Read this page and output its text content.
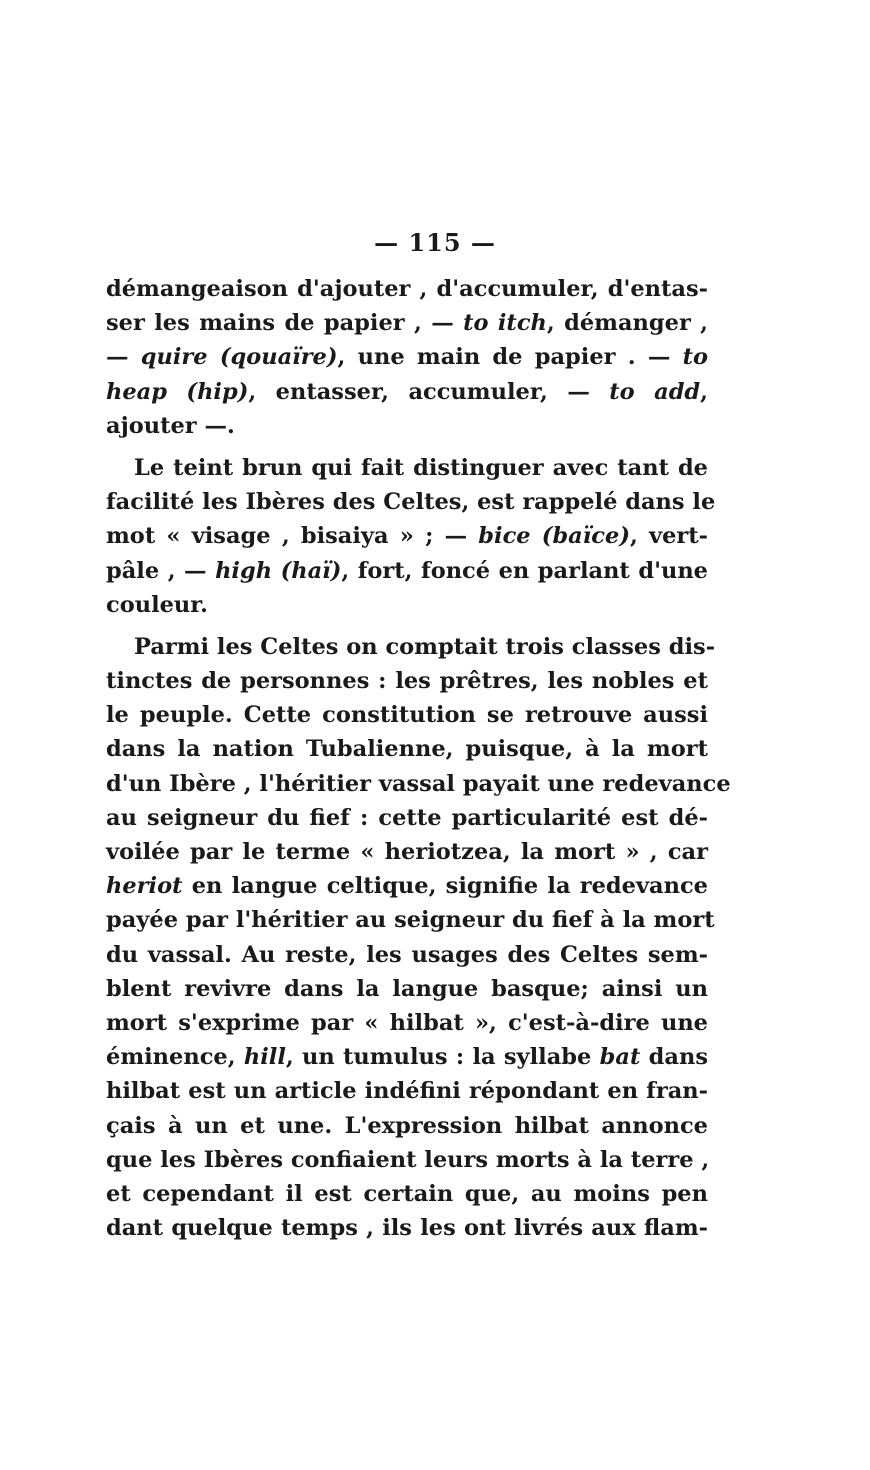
— 115 —
démangeaison d'ajouter , d'accumuler, d'entas-
ser les mains de papier , — to itch, démanger ,
— quire (qouaïre), une main de papier . — to
heap (hip), entasser, accumuler, — to add,
ajouter —.
Le teint brun qui fait distinguer avec tant de
facilité les Ibères des Celtes, est rappelé dans le
mot « visage , bisaiya » ; — bice (baïce), vert-
pâle , — high (haï), fort, foncé en parlant d'une
couleur.
Parmi les Celtes on comptait trois classes dis-
tinctes de personnes : les prêtres, les nobles et
le peuple. Cette constitution se retrouve aussi
dans la nation Tubalienne, puisque, à la mort
d'un Ibère , l'héritier vassal payait une redevance
au seigneur du fief : cette particularité est dé-
voilée par le terme « heriotzea, la mort » , car
heriot en langue celtique, signifie la redevance
payée par l'héritier au seigneur du fief à la mort
du vassal. Au reste, les usages des Celtes sem-
blent revivre dans la langue basque; ainsi un
mort s'exprime par « hilbat », c'est-à-dire une
éminence, hill, un tumulus : la syllabe bat dans
hilbat est un article indéfini répondant en fran-
çais à un et une. L'expression hilbat annonce
que les Ibères confiaient leurs morts à la terre ,
et cependant il est certain que, au moins pen
dant quelque temps , ils les ont livrés aux flam-
